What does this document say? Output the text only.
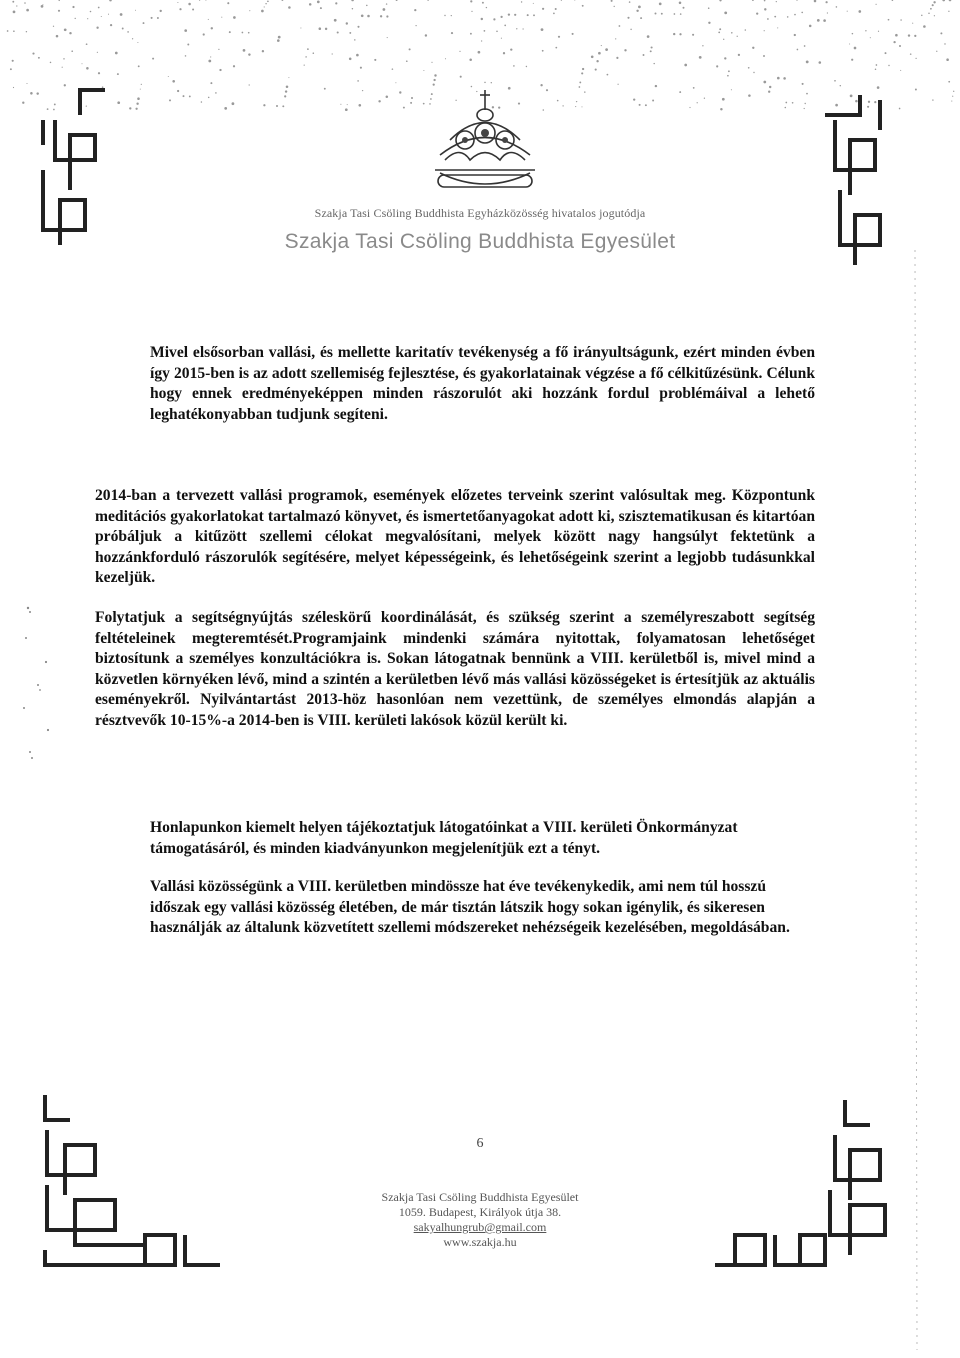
Szakja Tasi Csöling Buddhista Egyházközösség hivatalos jogutódja
Szakja Tasi Csöling Buddhista Egyesület

Mivel elsősorban vallási, és mellette karitatív tevékenység a fő irányultságunk, ezért minden évben így 2015-ben is az adott szellemiség fejlesztése, és gyakorlatainak végzése a fő célkitűzésünk. Célunk hogy ennek eredményeképpen minden rászorulót aki hozzánk fordul problémáival a lehető leghatékonyabban tudjunk segíteni.

2014-ban a tervezett vallási programok, események előzetes terveink szerint valósultak meg. Központunk meditációs gyakorlatokat tartalmazó könyvet, és ismertetőanyagokat adott ki, szisztematikusan és kitartóan próbáljuk a kitűzött szellemi célokat megvalósítani, melyek között nagy hangsúlyt fektetünk a hozzánkforduló rászorulók segítésére, melyet képességeink, és lehetőségeink szerint a legjobb tudásunkkal kezeljük.

Folytatjuk a segítségnyújtás széleskörű koordinálását, és szükség szerint a személyreszabott segítség feltételeinek megteremtését.Programjaink mindenki számára nyitottak, folyamatosan lehetőséget biztosítunk a személyes konzultációkra is. Sokan látogatnak bennünk a VIII. kerületből is, mivel mind a közvetlen környéken lévő, mind a szintén a kerületben lévő más vallási közösségeket is értesítjük az aktuális eseményekről. Nyilvántartást 2013-höz hasonlóan nem vezettünk, de személyes elmondás alapján a résztvevők 10-15%-a 2014-ben is VIII. kerületi lakósok közül került ki.

Honlapunkon kiemelt helyen tájékoztatjuk látogatóinkat a VIII. kerületi Önkormányzat támogatásáról, és minden kiadványunkon megjelenítjük ezt a tényt.

Vallási közösségünk a VIII. kerületben mindössze hat éve tevékenykedik, ami nem túl hosszú időszak egy vallási közösség életében, de már tisztán látszik hogy sokan igénylik, és sikeresen használják az általunk közvetített szellemi módszereket nehézségeik kezelésében, megoldásában.

6
Szakja Tasi Csöling Buddhista Egyesület
1059. Budapest, Királyok útja 38.
sakyalhungrub@gmail.com
www.szakja.hu
